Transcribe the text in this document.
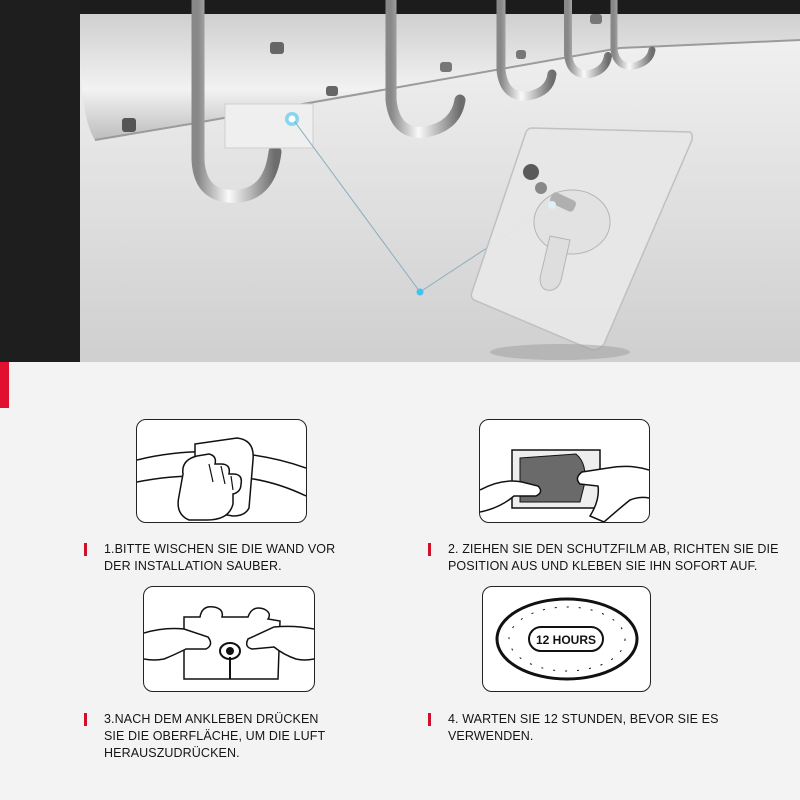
12 HOURS
1.BITTE WISCHEN SIE DIE WAND VOR
DER INSTALLATION SAUBER.
2. ZIEHEN SIE DEN SCHUTZFILM AB, RICHTEN SIE DIE
POSITION AUS UND KLEBEN SIE IHN SOFORT AUF.
3.NACH DEM ANKLEBEN DRÜCKEN
SIE DIE OBERFLÄCHE, UM DIE LUFT
HERAUSZUDRÜCKEN.
4. WARTEN SIE 12 STUNDEN, BEVOR SIE ES
VERWENDEN.
